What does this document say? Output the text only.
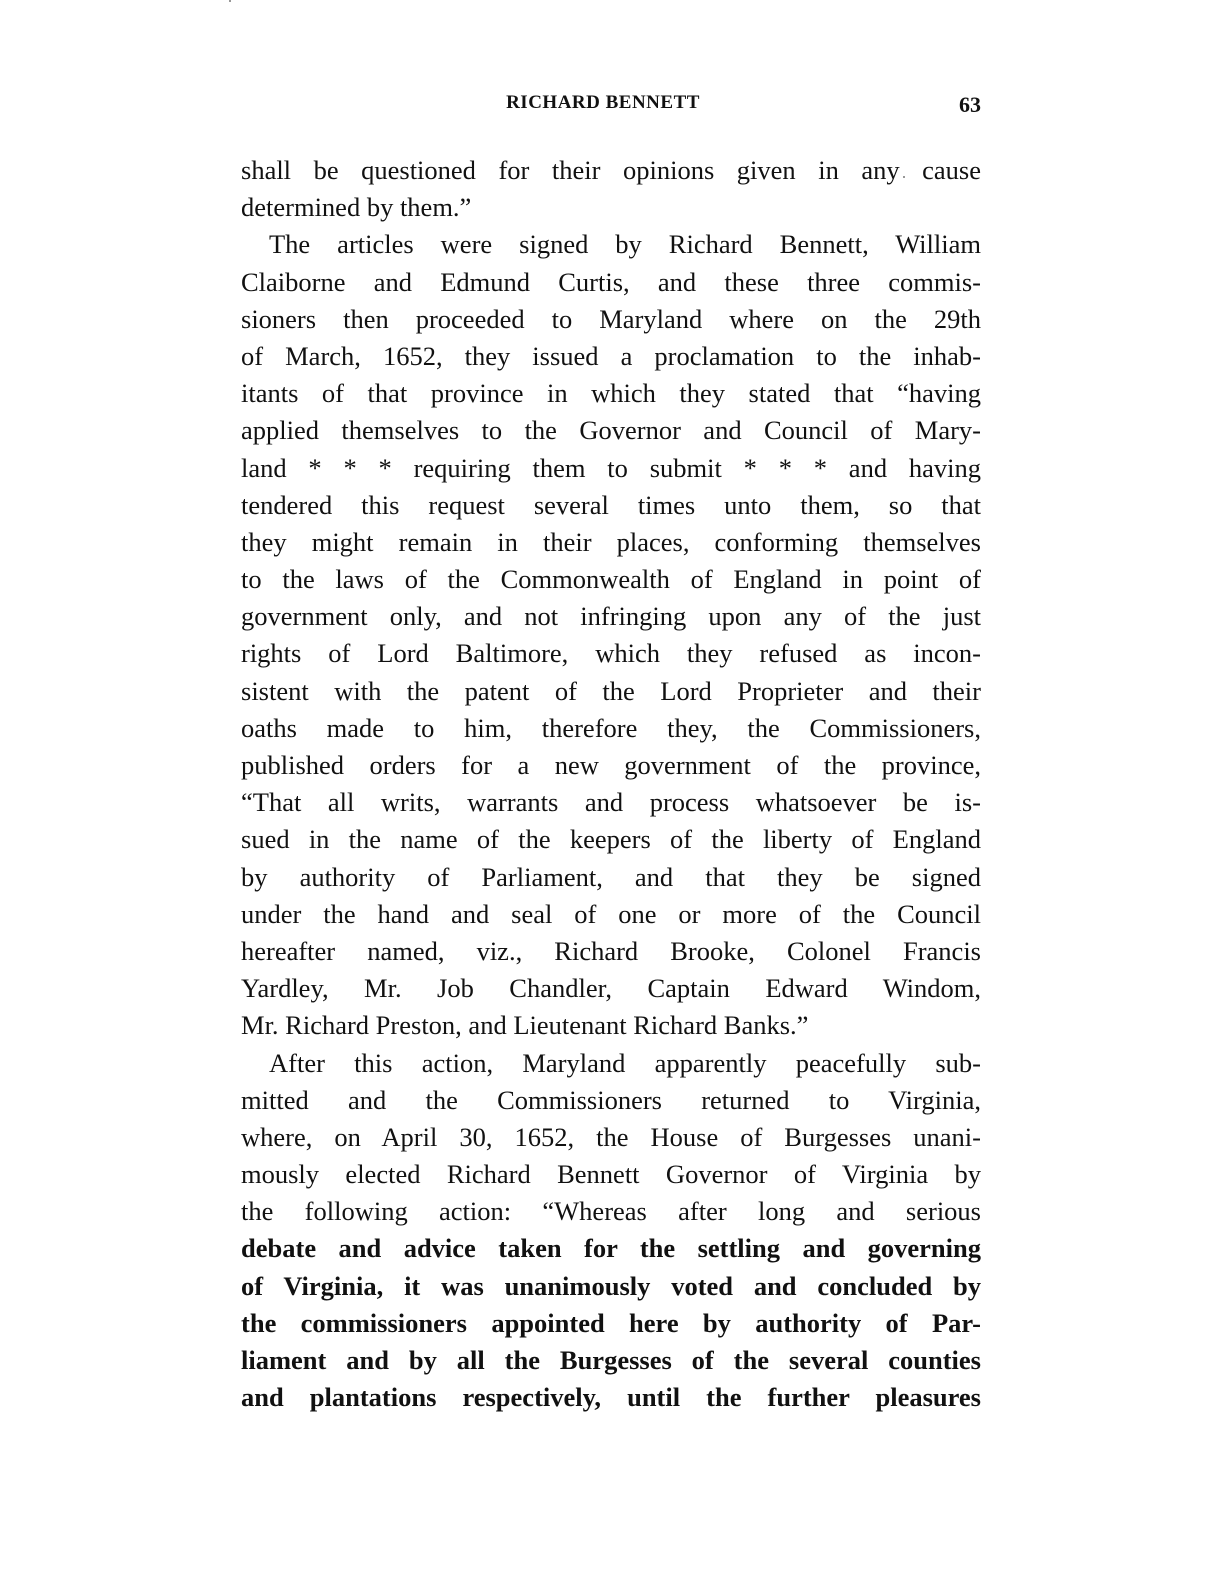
RICHARD BENNETT	63
shall be questioned for their opinions given in any cause
determined by them.”
The articles were signed by Richard Bennett, William
Claiborne and Edmund Curtis, and these three commis-
sioners then proceeded to Maryland where on the 29th
of March, 1652, they issued a proclamation to the inhab-
itants of that province in which they stated that “having
applied themselves to the Governor and Council of Mary-
land * * * requiring them to submit * * * and having
tendered this request several times unto them, so that
they might remain in their places, conforming themselves
to the laws of the Commonwealth of England in point of
government only, and not infringing upon any of the just
rights of Lord Baltimore, which they refused as incon-
sistent with the patent of the Lord Proprieter and their
oaths made to him, therefore they, the Commissioners,
published orders for a new government of the province,
“That all writs, warrants and process whatsoever be is-
sued in the name of the keepers of the liberty of England
by authority of Parliament, and that they be signed
under the hand and seal of one or more of the Council
hereafter named, viz., Richard Brooke, Colonel Francis
Yardley, Mr. Job Chandler, Captain Edward Windom,
Mr. Richard Preston, and Lieutenant Richard Banks.”
After this action, Maryland apparently peacefully sub-
mitted and the Commissioners returned to Virginia,
where, on April 30, 1652, the House of Burgesses unani-
mously elected Richard Bennett Governor of Virginia by
the following action: “Whereas after long and serious
debate and advice taken for the settling and governing
of Virginia, it was unanimously voted and concluded by
the commissioners appointed here by authority of Par-
liament and by all the Burgesses of the several counties
and plantations respectively, until the further pleasures
